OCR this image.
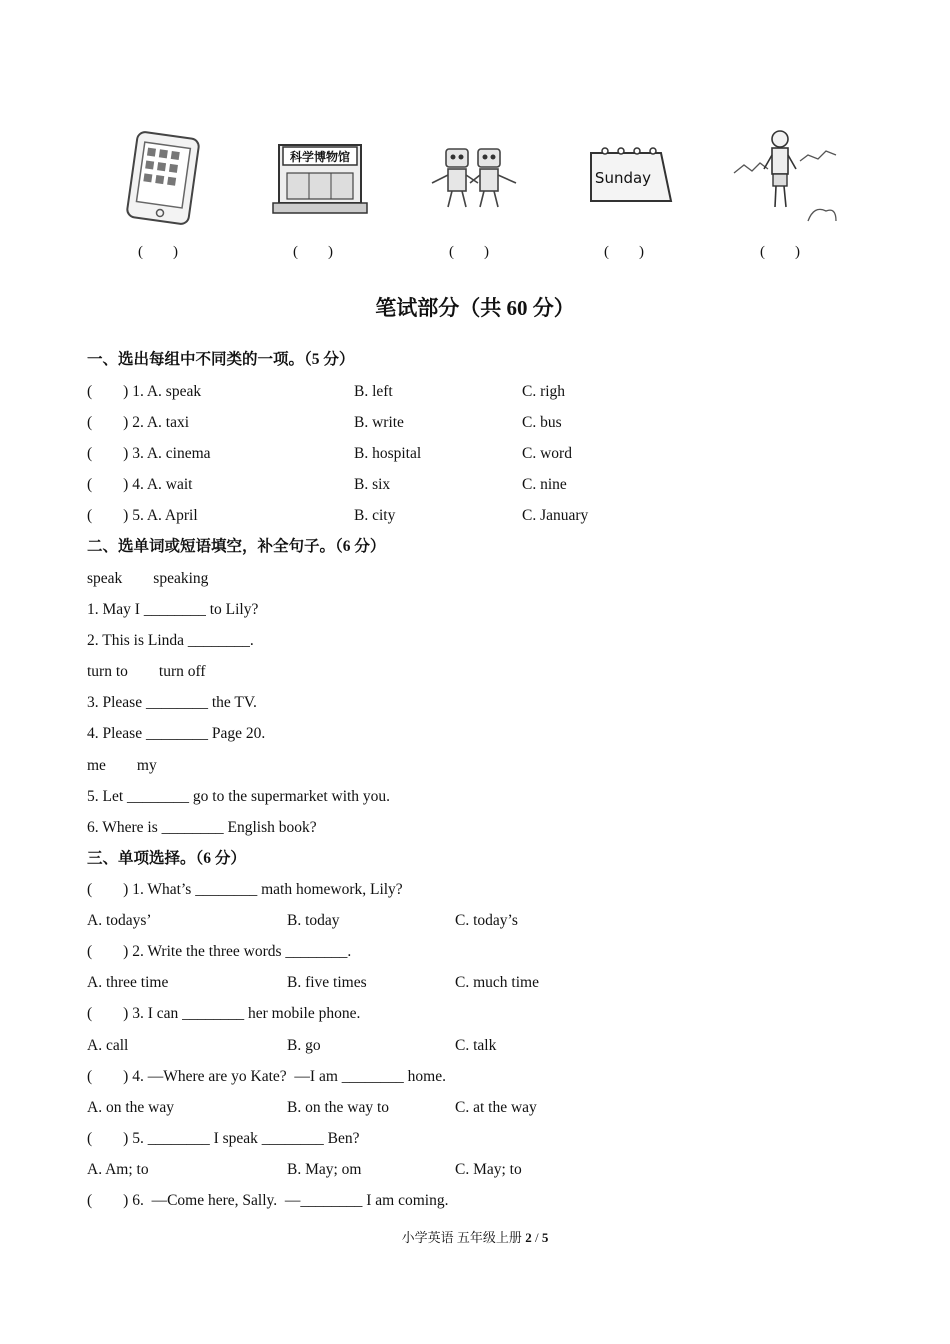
科学博物馆
Sunday
(        )	(        )	(        )	(        )	(        )
笔试部分（共 60 分）
一、选出每组中不同类的一项。（5 分）
(        ) 1. A. speak	B. left	C. righ
(        ) 2. A. taxi	B. write	C. bus
(        ) 3. A. cinema	B. hospital	C. word
(        ) 4. A. wait	B. six	C. nine
(        ) 5. A. April	B. city	C. January
二、选单词或短语填空，补全句子。（6 分）
speak        speaking
1. May I ________ to Lily?
2. This is Linda ________.
turn to        turn off
3. Please ________ the TV.
4. Please ________ Page 20.
me        my
5. Let ________ go to the supermarket with you.
6. Where is ________ English book?
三、单项选择。（6 分）
(        ) 1. What’s ________ math homework, Lily?
A. todays’	B. today	C. today’s
(        ) 2. Write the three words ________.
A. three time	B. five times	C. much time
(        ) 3. I can ________ her mobile phone.
A. call	B. go	C. talk
(        ) 4. —Where are yo Kate?  —I am ________ home.
A. on the way	B. on the way to	C. at the way
(        ) 5. ________ I speak ________ Ben?
A. Am; to	B. May; om	C. May; to
(        ) 6.  —Come here, Sally.  —________ I am coming.
小学英语 五年级上册 2 / 5
